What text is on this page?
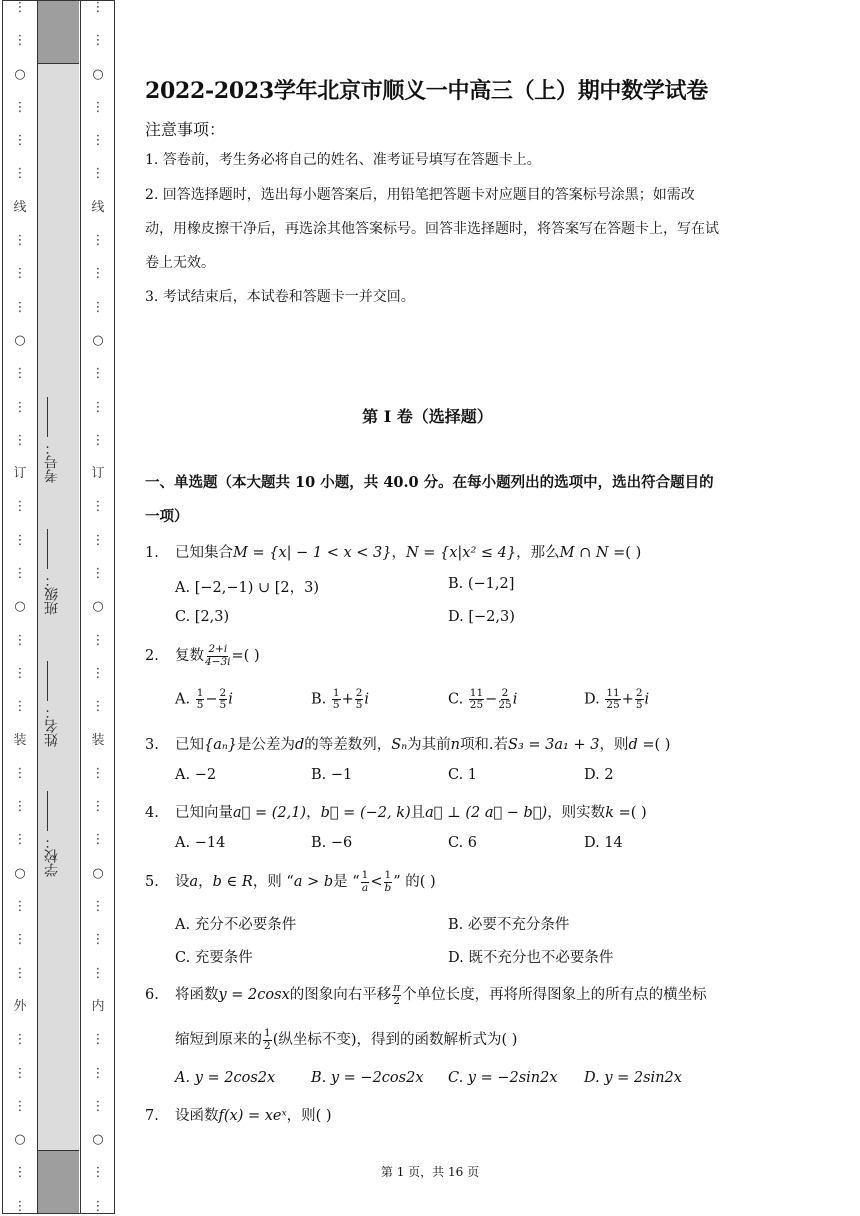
⋮
⋮
○
⋮
⋮
⋮
线
⋮
⋮
⋮
○
⋮
⋮
⋮
订
⋮
⋮
⋮
○
⋮
⋮
⋮
装
⋮
⋮
⋮
○
⋮
⋮
⋮
外
⋮
⋮
⋮
○
⋮
⋮
学校：
姓名：
班级：
考号：
⋮
⋮
○
⋮
⋮
⋮
线
⋮
⋮
⋮
○
⋮
⋮
⋮
订
⋮
⋮
⋮
○
⋮
⋮
⋮
装
⋮
⋮
⋮
○
⋮
⋮
⋮
内
⋮
⋮
⋮
○
⋮
⋮
2022-2023学年北京市顺义一中高三（上）期中数学试卷
注意事项：
1. 答卷前，考生务必将自己的姓名、准考证号填写在答题卡上。
2. 回答选择题时，选出每小题答案后，用铅笔把答题卡对应题目的答案标号涂黑；如需改动，用橡皮擦干净后，再选涂其他答案标号。回答非选择题时，将答案写在答题卡上，写在试卷上无效。
3. 考试结束后，本试卷和答题卡一并交回。
第 I 卷（选择题）
一、单选题（本大题共 10 小题，共 40.0 分。在每小题列出的选项中，选出符合题目的一项）
1. 已知集合M = {x| − 1 < x < 3}，N = {x|x² ≤ 4}，那么M ∩ N =( )
A. [−2,−1) ∪ [2，3)	B. (−1,2]
C. [2,3)	D. [−2,3)
2. 复数 $\frac{2+i}{4-3i}$ =( )
A. $\frac{1}{5} - \frac{2}{5}$ i	B. $\frac{1}{5} + \frac{2}{5}$ i	C. $\frac{11}{25} - \frac{2}{25}$ i	D. $\frac{11}{25} + \frac{2}{5}$ i
3. 已知{aₙ}是公差为d的等差数列，Sₙ为其前n项和.若S₃ = 3a₁ + 3，则d =( )
A. −2	B. −1	C. 1	D. 2
4. 已知向量a⃗ = (2,1)，b⃗ = (−2, k)且a⃗ ⊥ (2 a⃗ − b⃗)，则实数k =( )
A. −14	B. −6	C. 6	D. 14
5. 设a，b ∈ R，则 “a > b是 “ $\frac{1}{a} < \frac{1}{b}$ ” 的( )
A. 充分不必要条件	B. 必要不充分条件
C. 充要条件	D. 既不充分也不必要条件
6. 将函数y = 2cosx的图象向右平移 $\frac{\pi}{2}$ 个单位长度，再将所得图象上的所有点的横坐标
缩短到原来的 $\frac{1}{2}$ (纵坐标不变)，得到的函数解析式为( )
A. y = 2cos2x B. y = −2cos2x C. y = −2sin2x D. y = 2sin2x
7. 设函数f(x) = xeˣ，则( )
第 1 页，共 16 页
